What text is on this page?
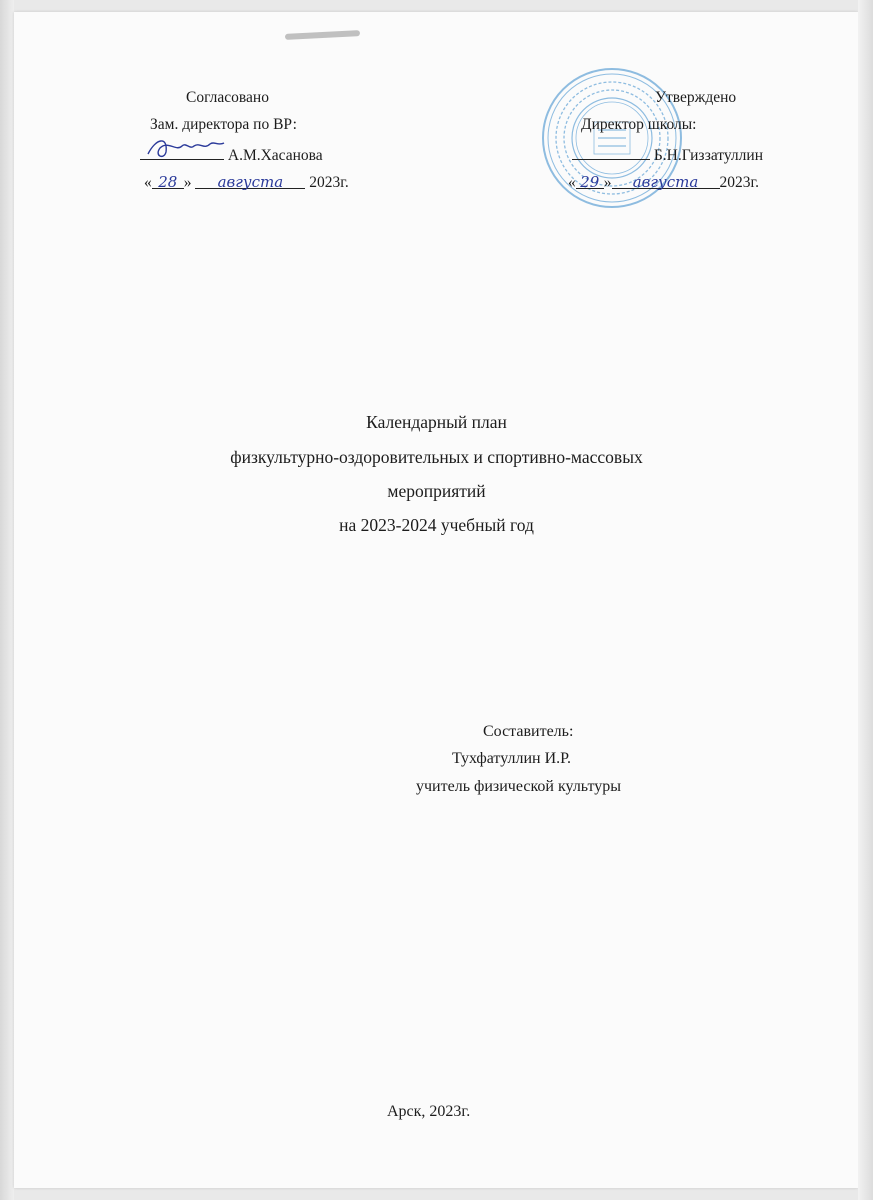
Согласовано
Зам. директора по ВР:
А.М.Хасанова
« 28 » августа 2023г.
Утверждено
Директор школы:
Б.Н.Гиззатуллин
« 29 » августа 2023г.
Календарный план
физкультурно-оздоровительных и спортивно-массовых
мероприятий
на 2023-2024 учебный год
Составитель:
Тухфатуллин И.Р.
учитель физической культуры
Арск, 2023г.
